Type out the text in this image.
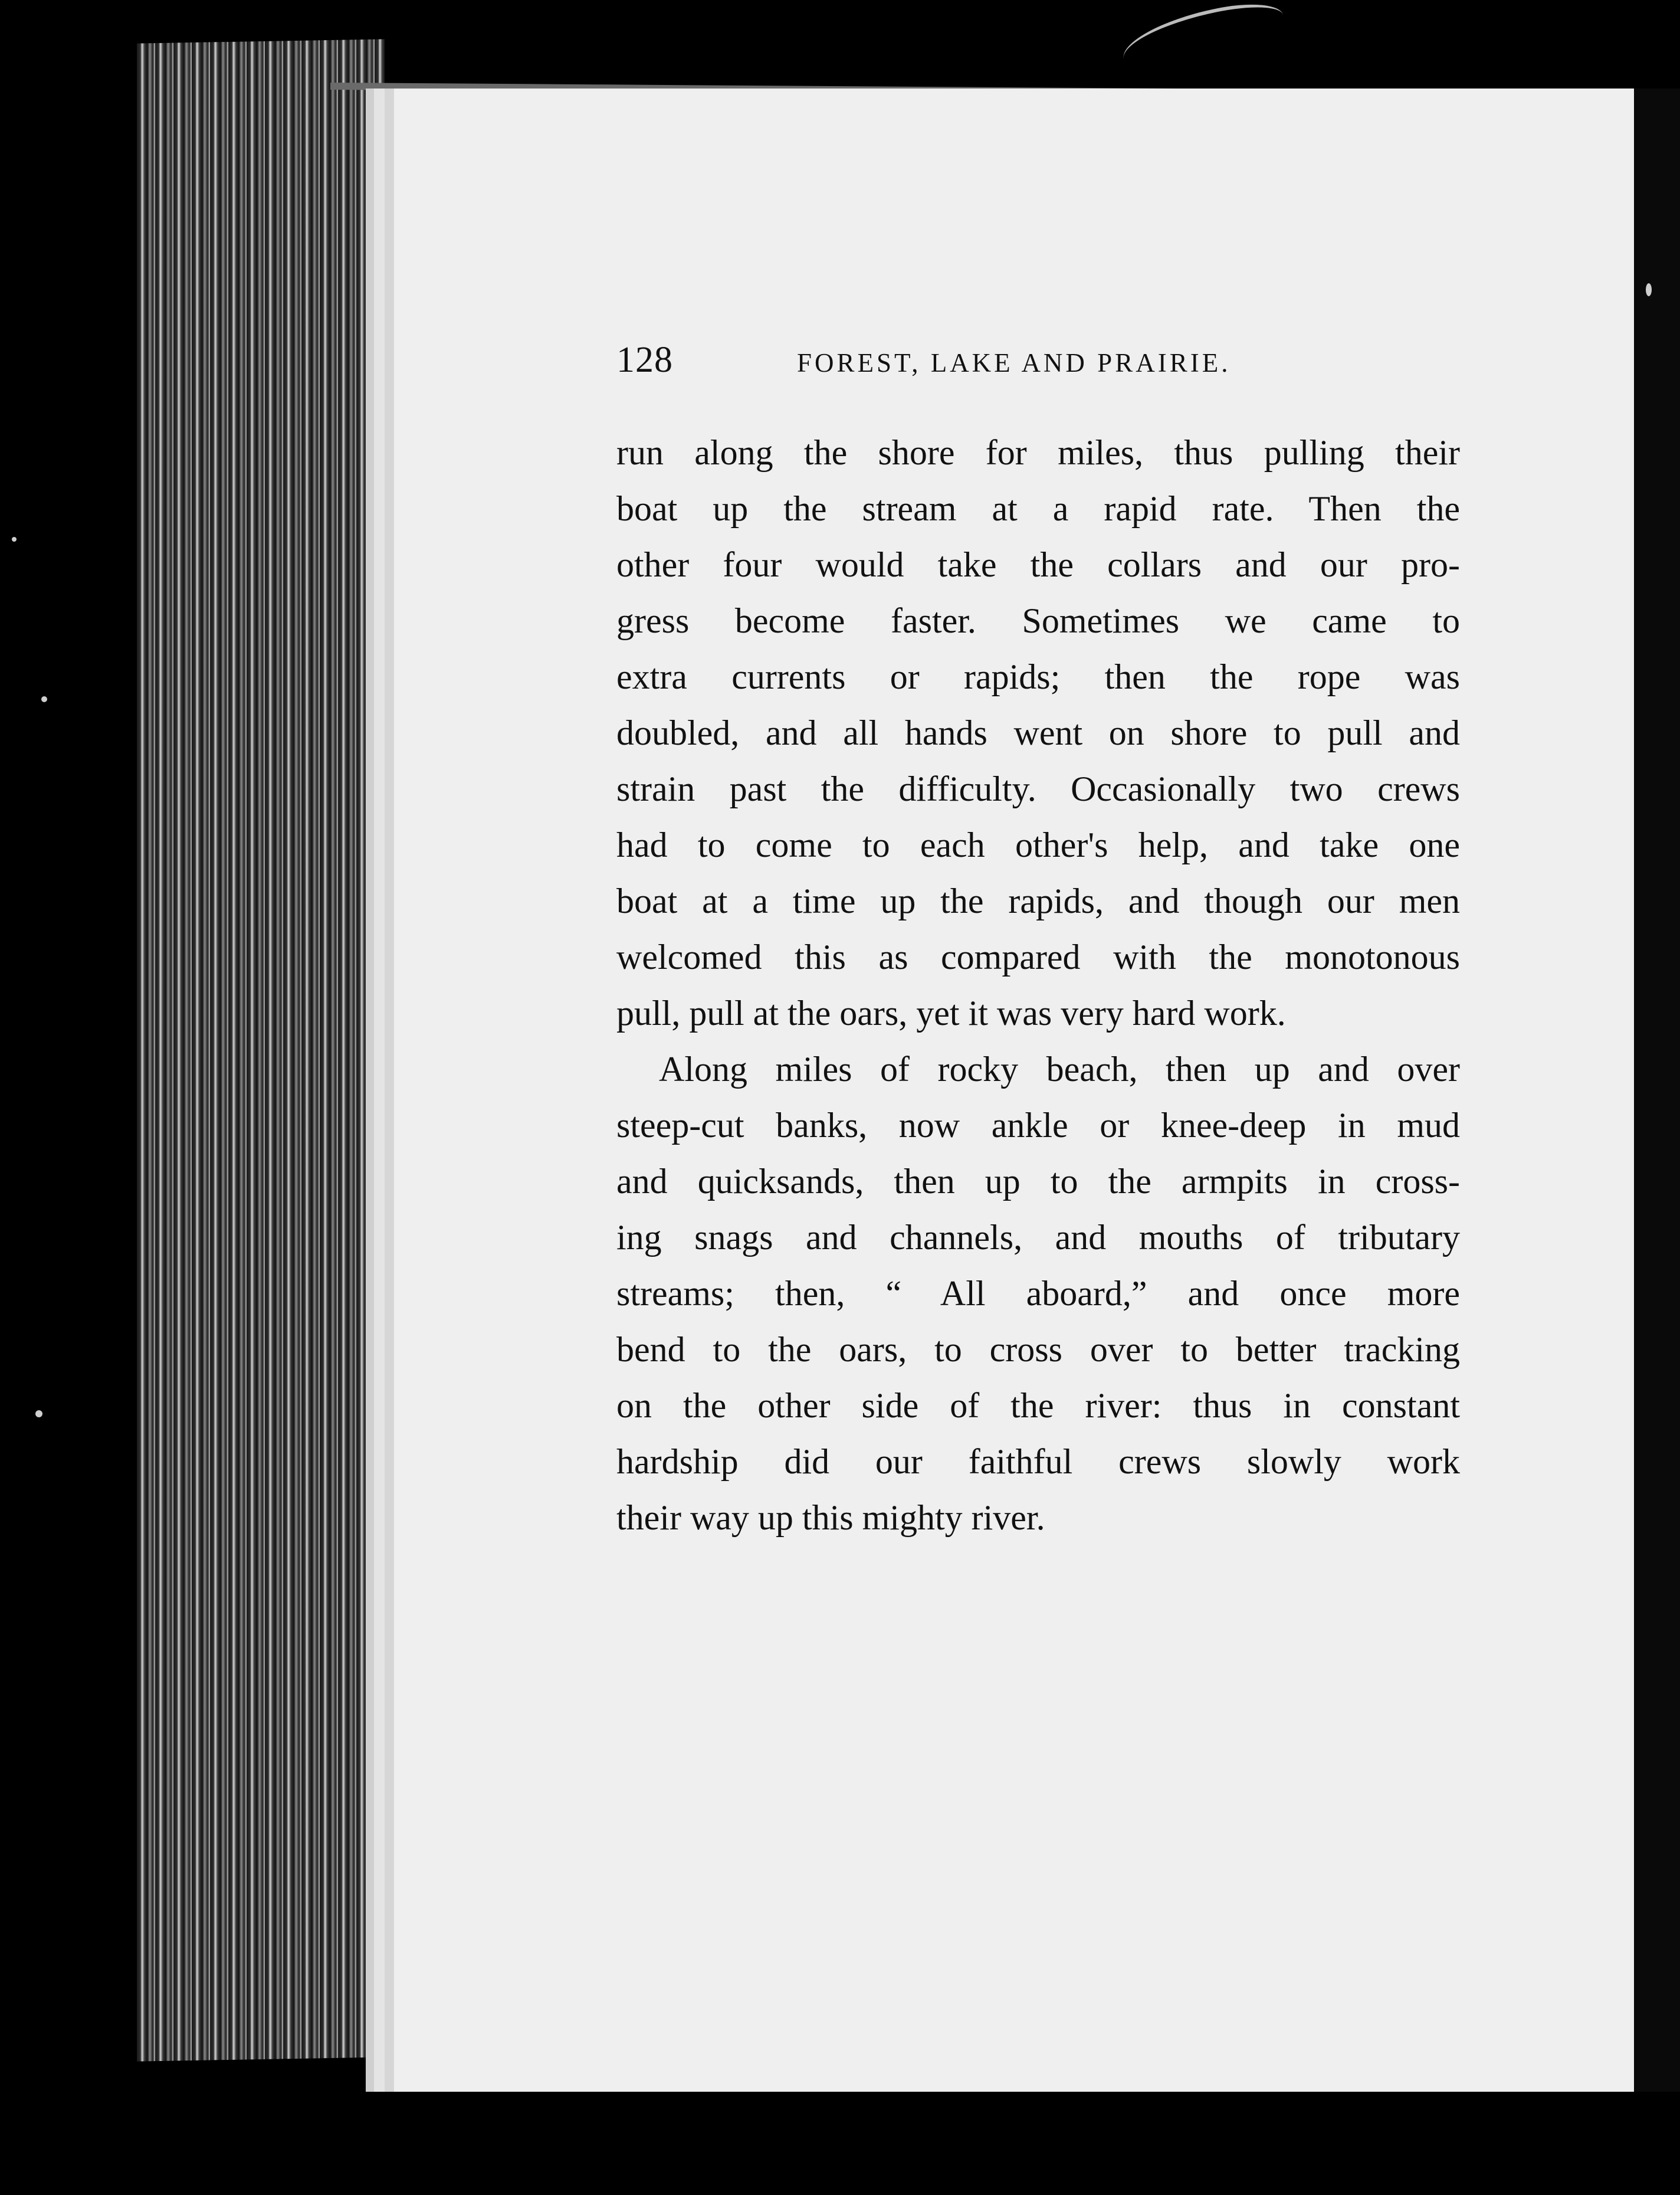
128	FOREST, LAKE AND PRAIRIE.
run along the shore for miles, thus pulling their
boat up the stream at a rapid rate. Then the
other four would take the collars and our pro-
gress become faster. Sometimes we came to
extra currents or rapids; then the rope was
doubled, and all hands went on shore to pull and
strain past the difficulty. Occasionally two crews
had to come to each other's help, and take one
boat at a time up the rapids, and though our men
welcomed this as compared with the monotonous
pull, pull at the oars, yet it was very hard work.
Along miles of rocky beach, then up and over
steep-cut banks, now ankle or knee-deep in mud
and quicksands, then up to the armpits in cross-
ing snags and channels, and mouths of tributary
streams; then, “ All aboard,” and once more
bend to the oars, to cross over to better tracking
on the other side of the river: thus in constant
hardship did our faithful crews slowly work
their way up this mighty river.
